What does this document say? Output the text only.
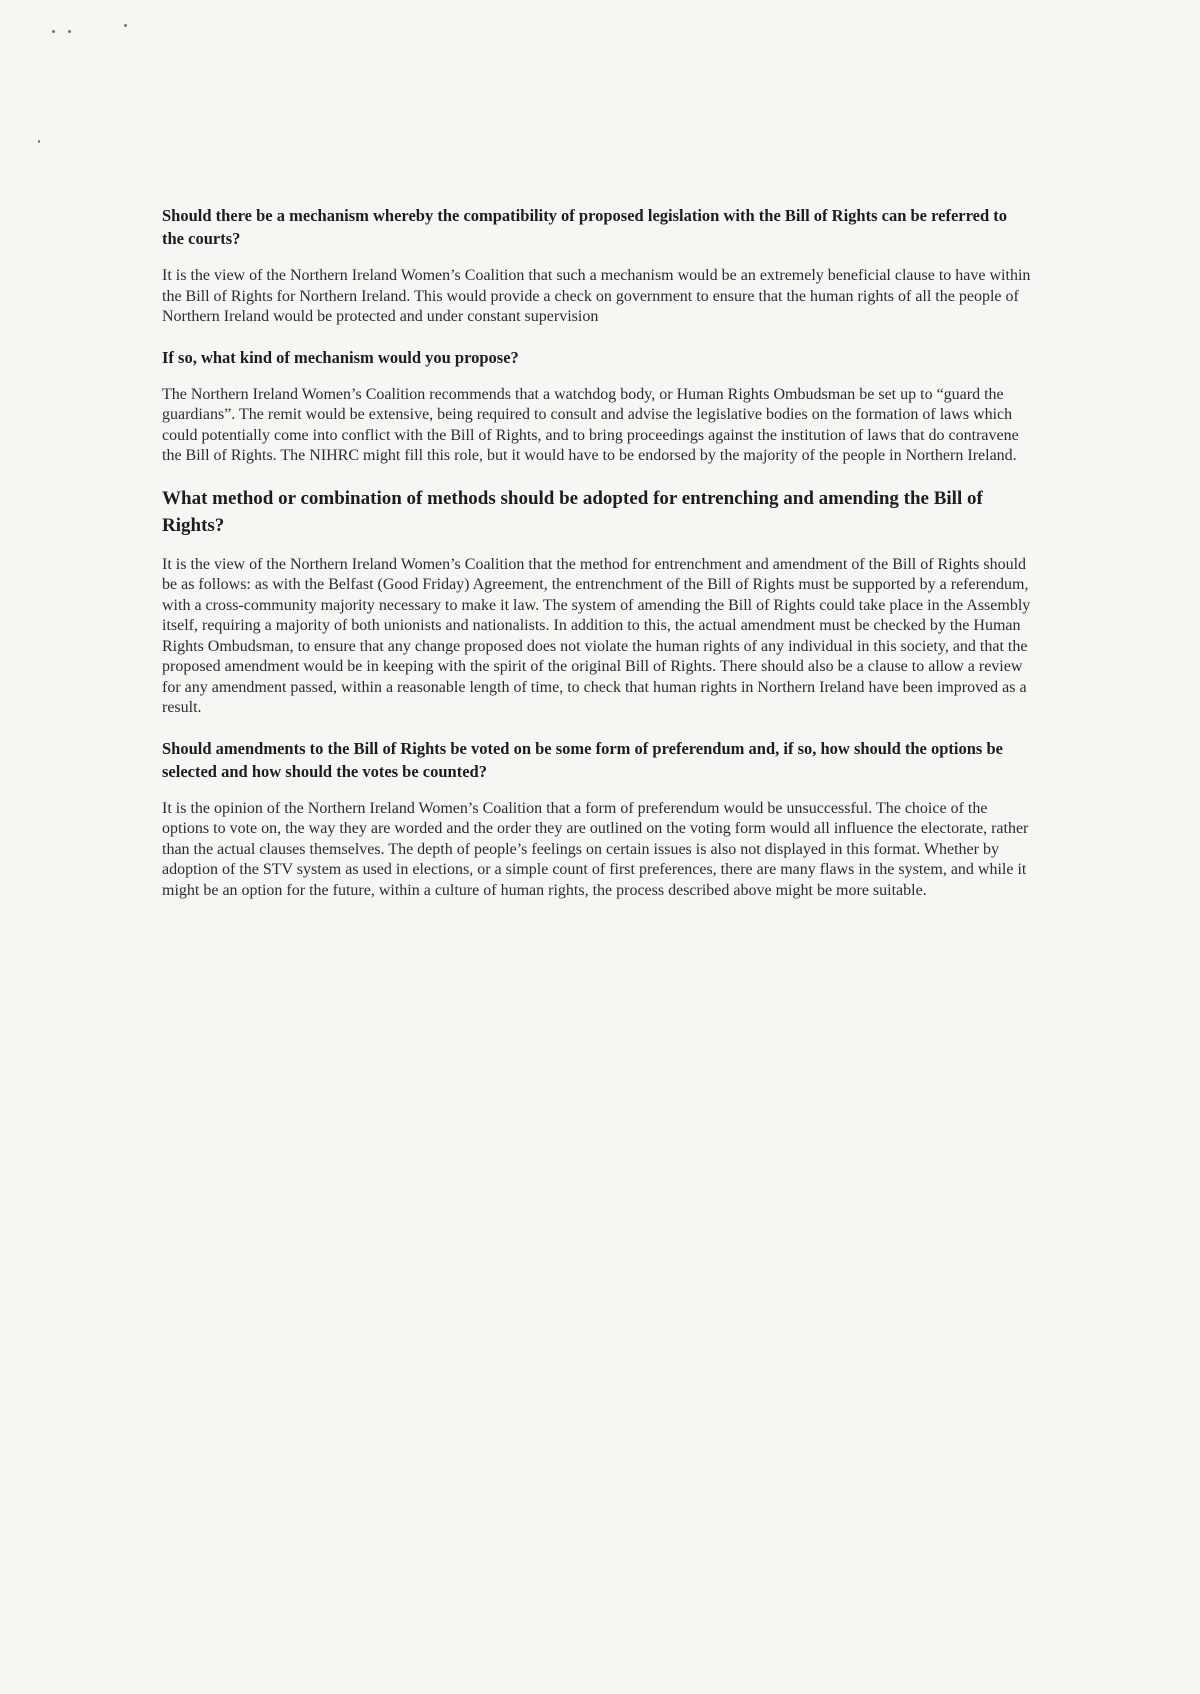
Should there be a mechanism whereby the compatibility of proposed legislation with the Bill of Rights can be referred to the courts?

It is the view of the Northern Ireland Women’s Coalition that such a mechanism would be an extremely beneficial clause to have within the Bill of Rights for Northern Ireland. This would provide a check on government to ensure that the human rights of all the people of Northern Ireland would be protected and under constant supervision

If so, what kind of mechanism would you propose?

The Northern Ireland Women’s Coalition recommends that a watchdog body, or Human Rights Ombudsman be set up to “guard the guardians”. The remit would be extensive, being required to consult and advise the legislative bodies on the formation of laws which could potentially come into conflict with the Bill of Rights, and to bring proceedings against the institution of laws that do contravene the Bill of Rights. The NIHRC might fill this role, but it would have to be endorsed by the majority of the people in Northern Ireland.

What method or combination of methods should be adopted for entrenching and amending the Bill of Rights?

It is the view of the Northern Ireland Women’s Coalition that the method for entrenchment and amendment of the Bill of Rights should be as follows: as with the Belfast (Good Friday) Agreement, the entrenchment of the Bill of Rights must be supported by a referendum, with a cross-community majority necessary to make it law. The system of amending the Bill of Rights could take place in the Assembly itself, requiring a majority of both unionists and nationalists. In addition to this, the actual amendment must be checked by the Human Rights Ombudsman, to ensure that any change proposed does not violate the human rights of any individual in this society, and that the proposed amendment would be in keeping with the spirit of the original Bill of Rights. There should also be a clause to allow a review for any amendment passed, within a reasonable length of time, to check that human rights in Northern Ireland have been improved as a result.

Should amendments to the Bill of Rights be voted on be some form of preferendum and, if so, how should the options be selected and how should the votes be counted?

It is the opinion of the Northern Ireland Women’s Coalition that a form of preferendum would be unsuccessful. The choice of the options to vote on, the way they are worded and the order they are outlined on the voting form would all influence the electorate, rather than the actual clauses themselves. The depth of people’s feelings on certain issues is also not displayed in this format. Whether by adoption of the STV system as used in elections, or a simple count of first preferences, there are many flaws in the system, and while it might be an option for the future, within a culture of human rights, the process described above might be more suitable.
